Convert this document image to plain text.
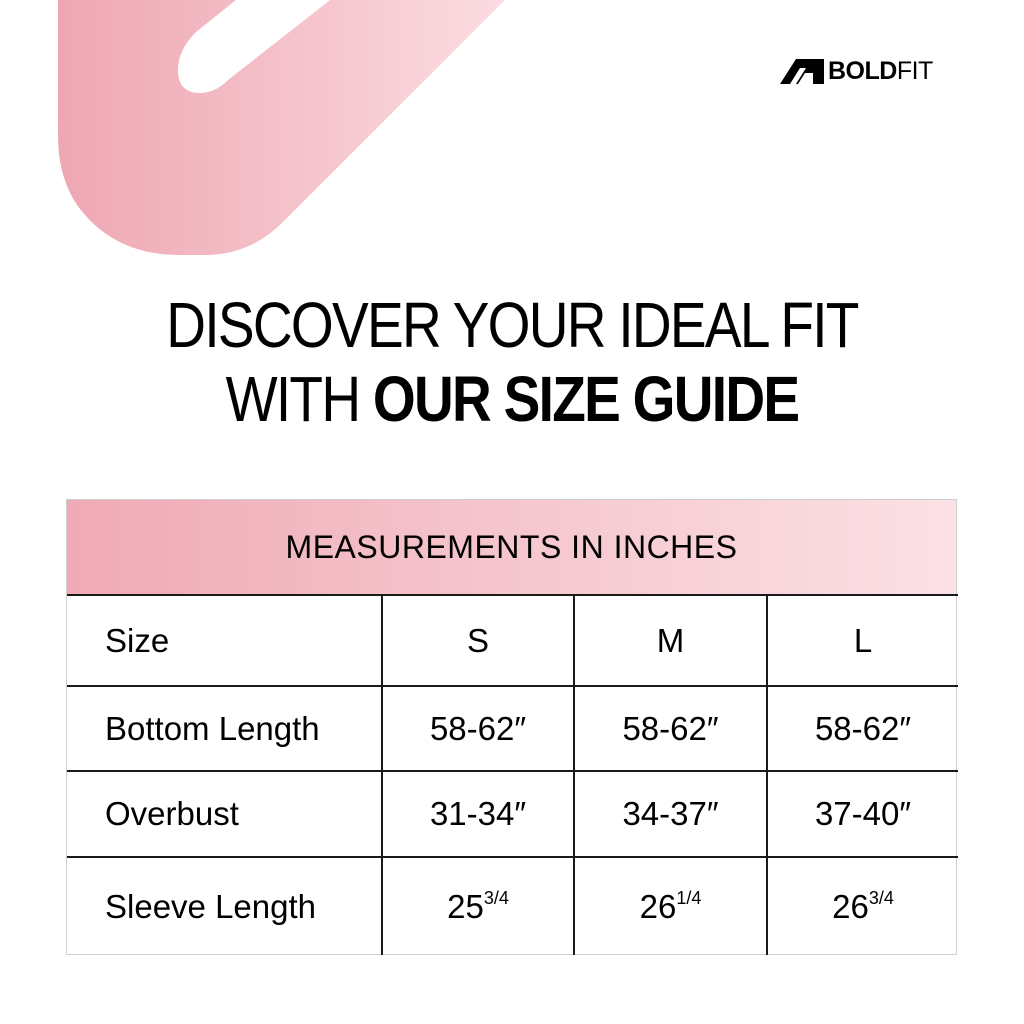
BOLDFIT
DISCOVER YOUR IDEAL FIT
WITH OUR SIZE GUIDE
MEASUREMENTS IN INCHES
Size	S	M	L
Bottom Length	58-62″	58-62″	58-62″
Overbust	31-34″	34-37″	37-40″
Sleeve Length	$25^{3/4}$	$26^{1/4}$	$26^{3/4}$
